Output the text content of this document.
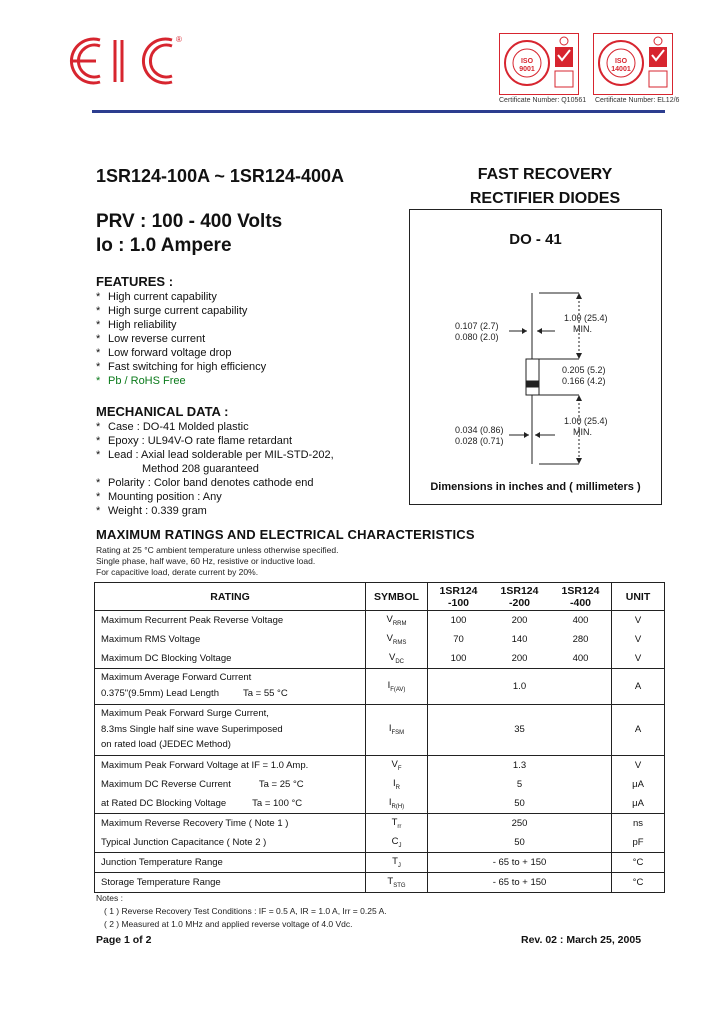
®
ISO
9001
Certificate Number: Q10561
ISO
14001
Certificate Number: EL12/6
1SR124-100A ~ 1SR124-400A	FAST RECOVERY
RECTIFIER DIODES
PRV : 100 - 400 Volts
Io : 1.0 Ampere
FEATURES :
* High current capability
* High surge current capability
* High reliability
* Low reverse current
* Low forward voltage drop
* Fast switching for high efficiency
* Pb / RoHS Free
MECHANICAL DATA :
* Case : DO-41 Molded plastic
* Epoxy : UL94V-O rate flame retardant
* Lead : Axial lead solderable per MIL-STD-202,
Method 208 guaranteed
* Polarity : Color band denotes cathode end
* Mounting position : Any
* Weight : 0.339 gram
DO - 41
1.00 (25.4)
MIN.
0.107 (2.7)
0.080 (2.0)
0.205 (5.2)
0.166 (4.2)
1.00 (25.4)
MIN.
0.034 (0.86)
0.028 (0.71)
Dimensions in inches and ( millimeters )
MAXIMUM RATINGS AND ELECTRICAL CHARACTERISTICS
Rating at 25 °C ambient temperature unless otherwise specified.
Single phase, half wave, 60 Hz, resistive or inductive load.
For capacitive load, derate current by 20%.
RATING	SYMBOL	1SR124
-100	1SR124
-200	1SR124
-400	UNIT
Maximum Recurrent Peak Reverse Voltage	$V_{RRM}$	100	200	400	V
Maximum RMS Voltage	$V_{RMS}$	70	140	280	V
Maximum DC Blocking Voltage	$V_{DC}$	100	200	400	V
Maximum Average Forward Current
0.375"(9.5mm) Lead Length Ta = 55 °C	$I_{F(AV)}$	1.0			A
Maximum Peak Forward Surge Current,
8.3ms Single half sine wave Superimposed
on rated load (JEDEC Method)	$I_{FSM}$	35			A
Maximum Peak Forward Voltage at IF = 1.0 Amp.	$V_F$	1.3			V
Maximum DC Reverse Current Ta = 25 °C	$I_R$	5			μA
at Rated DC Blocking Voltage Ta = 100 °C	$I_{R(H)}$	50			μA
Maximum Reverse Recovery Time ( Note 1 )	$T_{rr}$	250			ns
Typical Junction Capacitance ( Note 2 )	$C_J$	50			pF
Junction Temperature Range	$T_J$	- 65 to + 150			°C
Storage Temperature Range	$T_{STG}$	- 65 to + 150			°C
Notes :
( 1 ) Reverse Recovery Test Conditions : IF = 0.5 A, IR = 1.0 A, Irr = 0.25 A.
( 2 ) Measured at 1.0 MHz and applied reverse voltage of 4.0 Vdc.
Page 1 of 2	Rev. 02 : March 25, 2005
